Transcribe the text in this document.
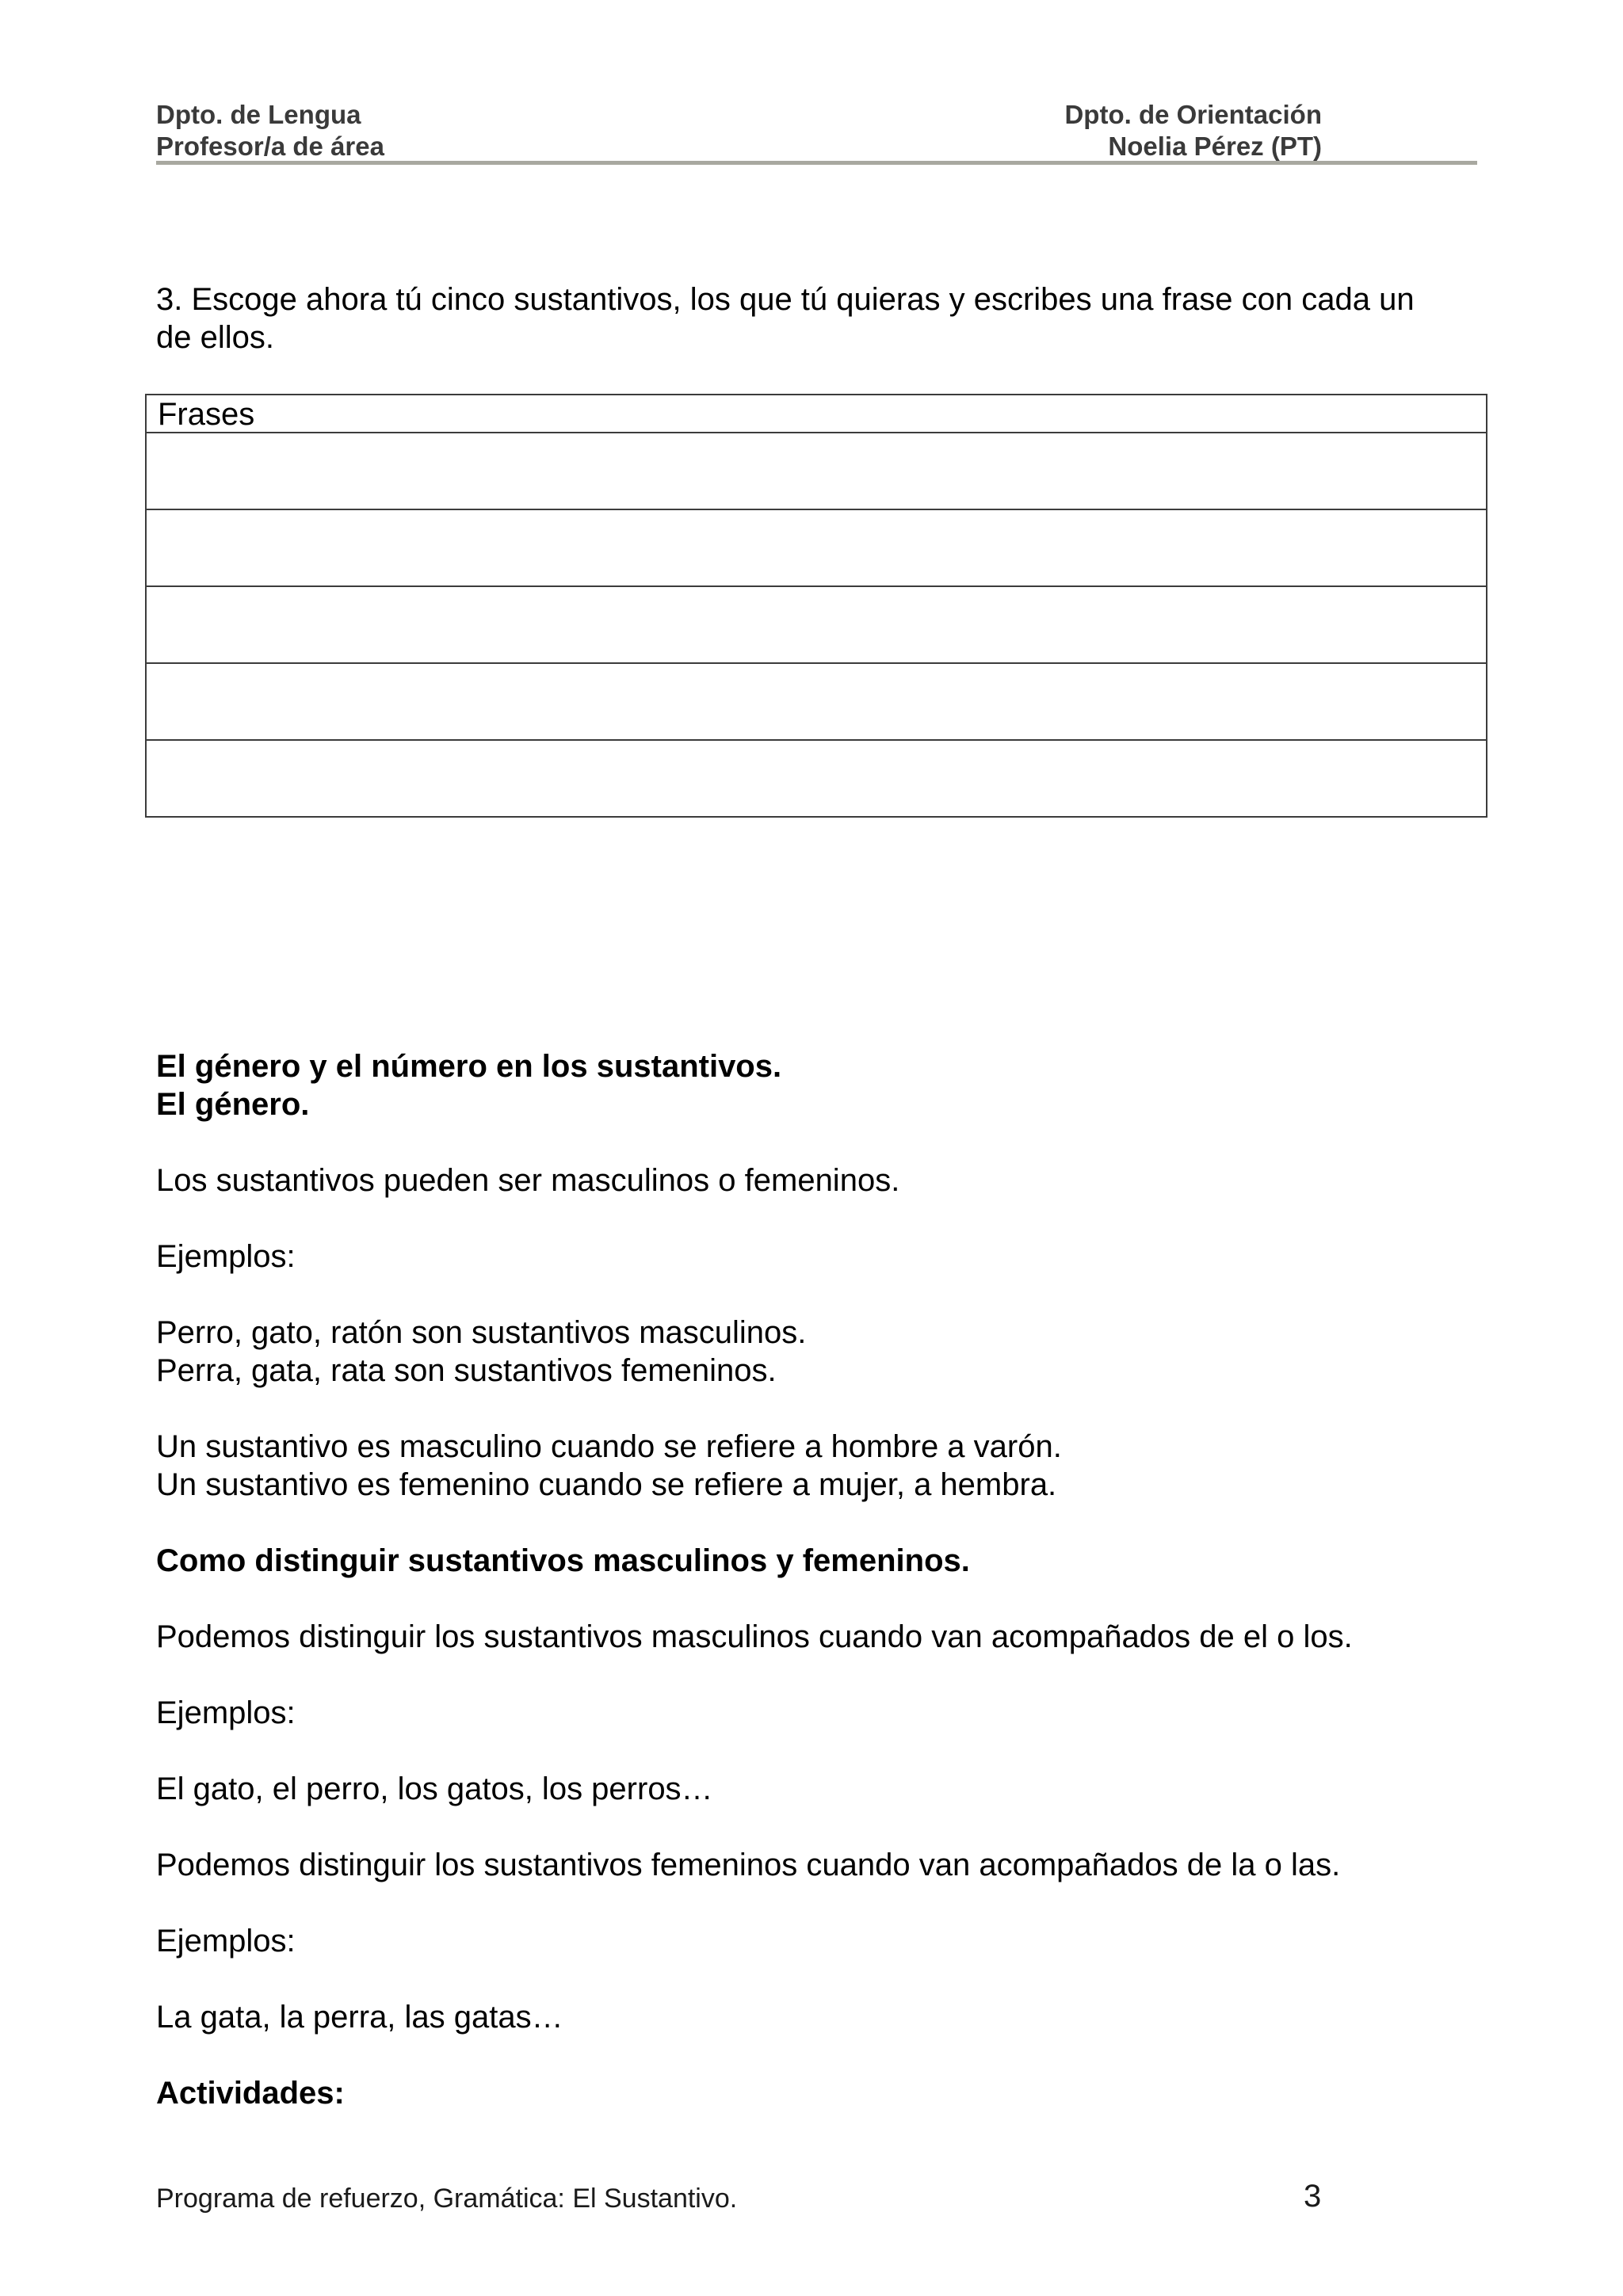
Dpto. de Lengua
Profesor/a de área
Dpto. de Orientación
Noelia Pérez (PT)
3. Escoge ahora tú cinco sustantivos, los que tú quieras y escribes una frase con cada un
de ellos.
Frases
El género y el número en los sustantivos.
El género.
Los sustantivos pueden ser masculinos o femeninos.
Ejemplos:
Perro, gato, ratón son sustantivos masculinos.
Perra, gata, rata son sustantivos femeninos.
Un sustantivo es masculino cuando se refiere a hombre a varón.
Un sustantivo es femenino cuando se refiere a mujer, a hembra.
Como distinguir sustantivos masculinos y femeninos.
Podemos distinguir los sustantivos masculinos cuando van acompañados de el o los.
Ejemplos:
El gato, el perro, los gatos, los perros…
Podemos distinguir los sustantivos femeninos cuando van acompañados de la o las.
Ejemplos:
La gata, la perra, las gatas…
Actividades:
Programa de refuerzo, Gramática: El Sustantivo.	3
